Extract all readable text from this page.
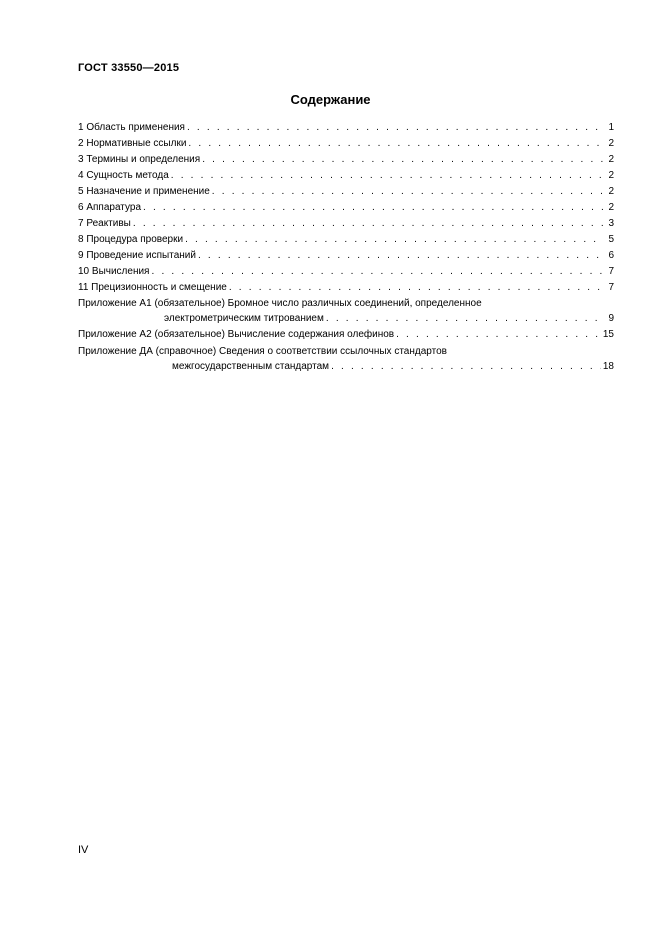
ГОСТ 33550—2015
Содержание
1 Область применения . . .	1
2 Нормативные ссылки . . .	2
3 Термины и определения . . .	2
4 Сущность метода . . .	2
5 Назначение и применение . . .	2
6 Аппаратура . . .	2
7 Реактивы . . .	3
8 Процедура проверки . . .	5
9 Проведение испытаний . . .	6
10 Вычисления . . .	7
11 Прецизионность и смещение . . .	7
Приложение А1 (обязательное) Бромное число различных соединений, определенное
электрометрическим титрованием . . .	9
Приложение А2 (обязательное) Вычисление содержания олефинов . . .	15
Приложение ДА (справочное) Сведения о соответствии ссылочных стандартов
межгосударственным стандартам . . .	18
IV
